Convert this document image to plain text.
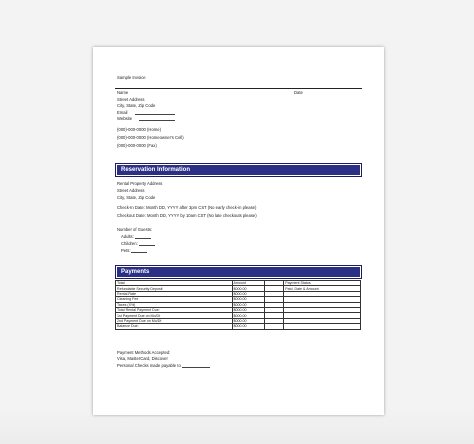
Sample Invoice
Name	Date
Street Address
City, State, Zip Code
Email
Website
(000)-000-0000 (Home)
(000)-000-0000 (Homeowner's Cell)
(000)-000-0000 (Fax)
Reservation Information
Rental Property Address
Street Address
City, State, Zip Code
Check-In Date: Month DD, YYYY after 3pm CST (No early check-in please)
Checkout Date: Month DD, YYYY by 10am CST (No late checkouts please)
Number of Guests:
Adults:
Children:
Pets:
Payments
Total	Amount		Payment Status
Refundable Security Deposit	$000.00		Paid, Date & Amount
Rental Rate	$000.00		
Cleaning Fee	$000.00		
Taxes (X%)	$000.00		
Total Rental Payment Due:	$000.00		
1st Payment Due on Mo/Dt	$000.00		
2nd Payment Due on Mo/Dt	$000.00		
Balance Due:	$000.00		
Payment Methods Accepted:
Visa, MasterCard, Discover
Personal Checks made payable to
